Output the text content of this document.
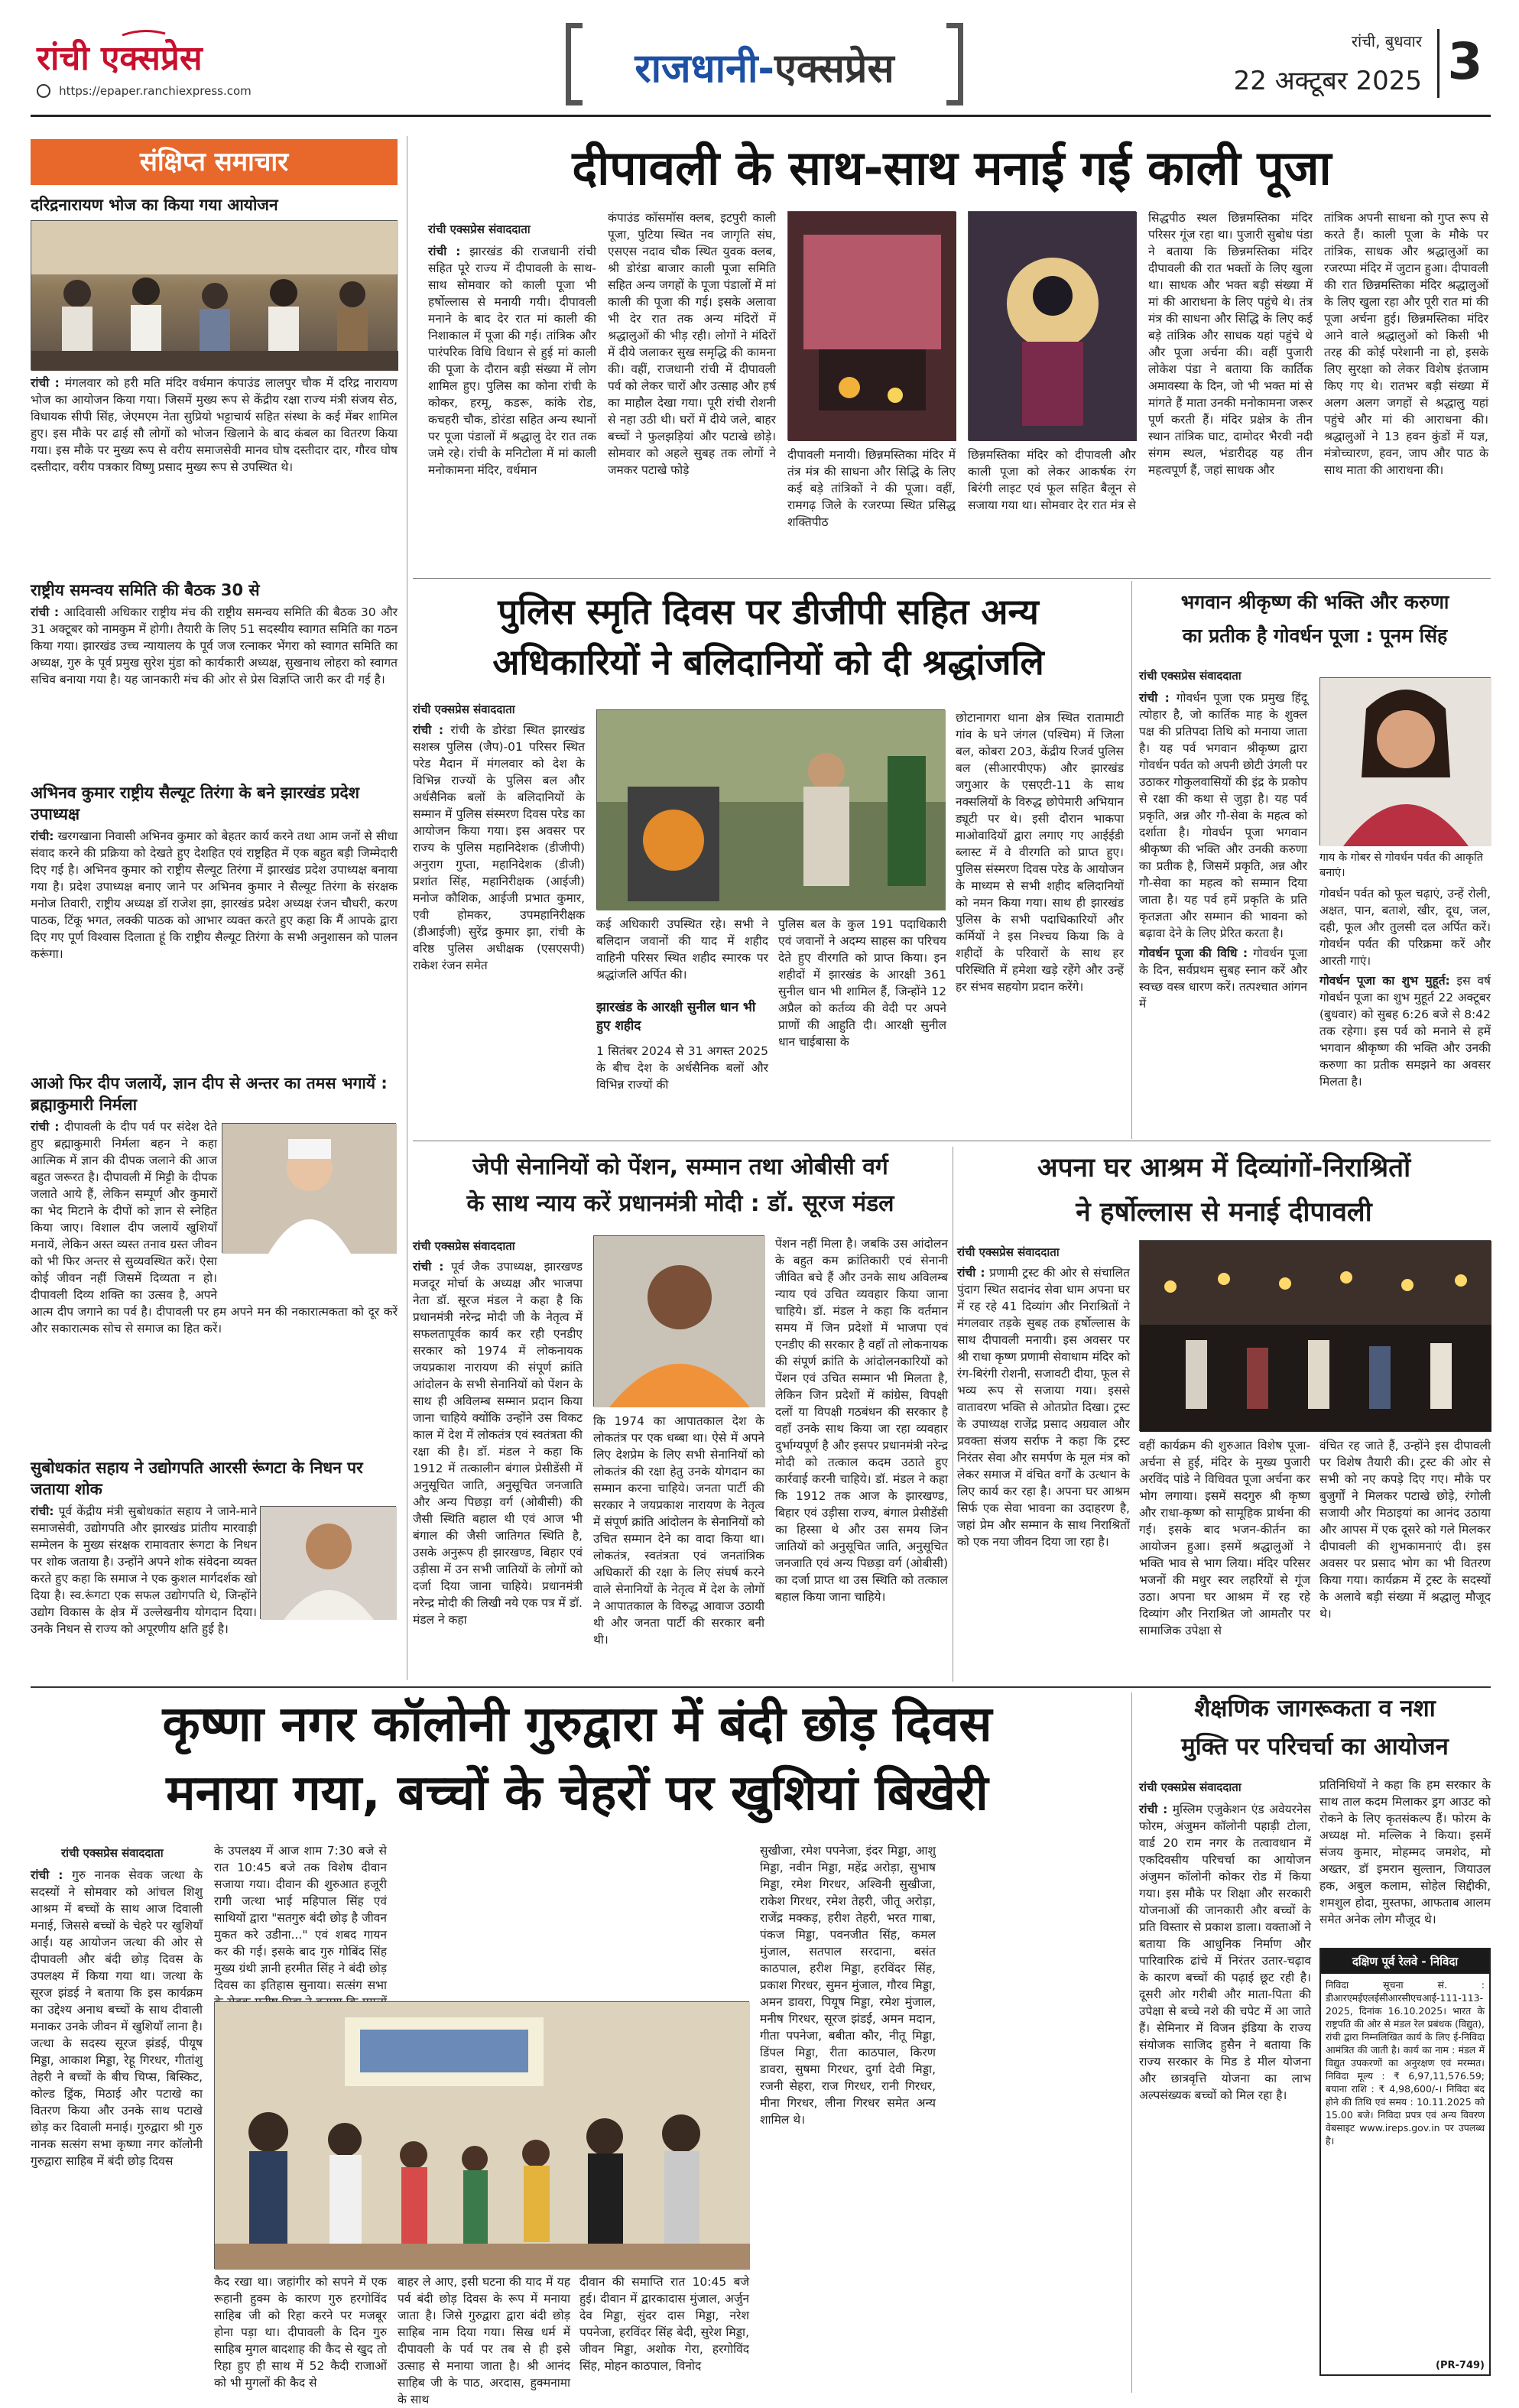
रांची एक्सप्रेस
https://epaper.ranchiexpress.com	राजधानी-एक्सप्रेस
रांची, बुधवार
22 अक्टूबर 2025 3
संक्षिप्त समाचार
दरिद्रनारायण भोज का किया गया आयोजन

रांची : मंगलवार को हरी मति मंदिर वर्धमान कंपाउंड लालपुर चौक में दरिद्र नारायण भोज का आयोजन किया गया। जिसमें मुख्य रूप से केंद्रीय रक्षा राज्य मंत्री संजय सेठ, विधायक सीपी सिंह, जेएमएम नेता सुप्रियो भट्टाचार्य सहित संस्था के कई मेंबर शामिल हुए। इस मौके पर ढाई सौ लोगों को भोजन खिलाने के बाद कंबल का वितरण किया गया। इस मौके पर मुख्य रूप से वरीय समाजसेवी मानव घोष दस्तीदार दार, गौरव घोष दस्तीदार, वरीय पत्रकार विष्णु प्रसाद मुख्य रूप से उपस्थित थे।

राष्ट्रीय समन्वय समिति की बैठक 30 से

रांची : आदिवासी अधिकार राष्ट्रीय मंच की राष्ट्रीय समन्वय समिति की बैठक 30 और 31 अक्टूबर को नामकुम में होगी। तैयारी के लिए 51 सदस्यीय स्वागत समिति का गठन किया गया। झारखंड उच्च न्यायालय के पूर्व जज रत्नाकर भेंगरा को स्वागत समिति का अध्यक्ष, गुरु के पूर्व प्रमुख सुरेश मुंडा को कार्यकारी अध्यक्ष, सुखनाथ लोहरा को स्वागत सचिव बनाया गया है। यह जानकारी मंच की ओर से प्रेस विज्ञप्ति जारी कर दी गई है।

अभिनव कुमार राष्ट्रीय सैल्यूट तिरंगा के बने झारखंड प्रदेश उपाध्यक्ष

रांची: खरगखाना निवासी अभिनव कुमार को बेहतर कार्य करने तथा आम जनों से सीधा संवाद करने की प्रक्रिया को देखते हुए देशहित एवं राष्ट्रहित में एक बहुत बड़ी जिम्मेदारी दिए गई है। अभिनव कुमार को राष्ट्रीय सैल्यूट तिरंगा में झारखंड प्रदेश उपाध्यक्ष बनाया गया है। प्रदेश उपाध्यक्ष बनाए जाने पर अभिनव कुमार ने सैल्यूट तिरंगा के संरक्षक मनोज तिवारी, राष्ट्रीय अध्यक्ष डॉ राजेश झा, झारखंड प्रदेश अध्यक्ष रंजन चौधरी, करण पाठक, टिंकू भगत, लक्की पाठक को आभार व्यक्त करते हुए कहा कि मैं आपके द्वारा दिए गए पूर्ण विश्वास दिलाता हूं कि राष्ट्रीय सैल्यूट तिरंगा के सभी अनुशासन को पालन करूंगा।

आओ फिर दीप जलायें, ज्ञान दीप से अन्तर का तमस भगायें : ब्रह्माकुमारी निर्मला

रांची : दीपावली के दीप पर्व पर संदेश देते हुए ब्रह्माकुमारी निर्मला बहन ने कहा आत्मिक में ज्ञान की दीपक जलाने की आज बहुत जरूरत है। दीपावली में मिट्टी के दीपक जलाते आये हैं, लेकिन सम्पूर्ण और कुमारों का भेद मिटाने के दीपों को ज्ञान से स्नेहित किया जाए। विशाल दीप जलायें खुशियाँ मनायें, लेकिन अस्त व्यस्त तनाव ग्रस्त जीवन को भी फिर अन्तर से सुव्यवस्थित करें। ऐसा कोई जीवन नहीं जिसमें दिव्यता न हो। दीपावली दिव्य शक्ति का उत्सव है, अपने आत्म दीप जगाने का पर्व है। दीपावली पर हम अपने मन की नकारात्मकता को दूर करें और सकारात्मक सोच से समाज का हित करें।

सुबोधकांत सहाय ने उद्योगपति आरसी रूंगटा के निधन पर जताया शोक

रांची: पूर्व केंद्रीय मंत्री सुबोधकांत सहाय ने जाने-माने समाजसेवी, उद्योगपति और झारखंड प्रांतीय मारवाड़ी सम्मेलन के मुख्य संरक्षक रामावतार रूंगटा के निधन पर शोक जताया है। उन्होंने अपने शोक संवेदना व्यक्त करते हुए कहा कि समाज ने एक कुशल मार्गदर्शक खो दिया है। स्व.रूंगटा एक सफल उद्योगपति थे, जिन्होंने उद्योग विकास के क्षेत्र में उल्लेखनीय योगदान दिया। उनके निधन से राज्य को अपूरणीय क्षति हुई है।

दीपावली के साथ-साथ मनाई गई काली पूजा
रांची एक्सप्रेस संवाददाता

रांची : झारखंड की राजधानी रांची सहित पूरे राज्य में दीपावली के साथ-साथ सोमवार को काली पूजा भी हर्षोल्लास से मनायी गयी। दीपावली मनाने के बाद देर रात मां काली की निशाकाल में पूजा की गई। तांत्रिक और पारंपरिक विधि विधान से हुई मां काली की पूजा के दौरान बड़ी संख्या में लोग शामिल हुए। पुलिस का कोना रांची के कोकर, हरमू, कडरू, कांके रोड, कचहरी चौक, डोरंडा सहित अन्य स्थानों पर पूजा पंडालों में श्रद्धालु देर रात तक जमे रहे। रांची के मनिटोला में मां काली मनोकामना मंदिर, वर्धमान

कंपाउंड कॉसमॉस क्लब, इटपुरी काली पूजा, पुटिया स्थित नव जागृति संघ, एसएस नदाव चौक स्थित युवक क्लब, श्री डोरंडा बाजार काली पूजा समिति सहित अन्य जगहों के पूजा पंडालों में मां काली की पूजा की गई। इसके अलावा भी देर रात तक अन्य मंदिरों में श्रद्धालुओं की भीड़ रही। लोगों ने मंदिरों में दीये जलाकर सुख समृद्धि की कामना की। वहीं, राजधानी रांची में दीपावली पर्व को लेकर चारों और उत्साह और हर्ष का माहौल देखा गया। पूरी रांची रोशनी से नहा उठी थी। घरों में दीये जले, बाहर बच्चों ने फुलझड़ियां और पटाखे छोड़े। सोमवार को अहले सुबह तक लोगों ने जमकर पटाखे फोड़े

दीपावली मनायी। छिन्नमस्तिका मंदिर में तंत्र मंत्र की साधना और सिद्धि के लिए कई बड़े तांत्रिकों ने की पूजा। वहीं, रामगढ़ जिले के रजरप्पा स्थित प्रसिद्ध शक्तिपीठ

छिन्नमस्तिका मंदिर को दीपावली और काली पूजा को लेकर आकर्षक रंग बिरंगी लाइट एवं फूल सहित बैलून से सजाया गया था। सोमवार देर रात मंत्र से

सिद्धपीठ स्थल छिन्नमस्तिका मंदिर परिसर गूंज रहा था। पुजारी सुबोध पंडा ने बताया कि छिन्नमस्तिका मंदिर दीपावली की रात भक्तों के लिए खुला था। साधक और भक्त बड़ी संख्या में मां की आराधना के लिए पहुंचे थे। तंत्र मंत्र की साधना और सिद्धि के लिए कई बड़े तांत्रिक और साधक यहां पहुंचे थे और पूजा अर्चना की। वहीं पुजारी लोकेश पंडा ने बताया कि कार्तिक अमावस्या के दिन, जो भी भक्त मां से मांगते हैं माता उनकी मनोकामना जरूर पूर्ण करती हैं। मंदिर प्रक्षेत्र के तीन स्थान तांत्रिक घाट, दामोदर भैरवी नदी संगम स्थल, भंडारीदह यह तीन महत्वपूर्ण हैं, जहां साधक और

तांत्रिक अपनी साधना को गुप्त रूप से करते हैं। काली पूजा के मौके पर तांत्रिक, साधक और श्रद्धालुओं का रजरप्पा मंदिर में जुटान हुआ। दीपावली की रात छिन्नमस्तिका मंदिर श्रद्धालुओं के लिए खुला रहा और पूरी रात मां की पूजा अर्चना हुई। छिन्नमस्तिका मंदिर आने वाले श्रद्धालुओं को किसी भी तरह की कोई परेशानी ना हो, इसके लिए सुरक्षा को लेकर विशेष इंतजाम किए गए थे। रातभर बड़ी संख्या में अलग अलग जगहों से श्रद्धालु यहां पहुंचे और मां की आराधना की। श्रद्धालुओं ने 13 हवन कुंडों में यज्ञ, मंत्रोच्चारण, हवन, जाप और पाठ के साथ माता की आराधना की।

पुलिस स्मृति दिवस पर डीजीपी सहित अन्य
अधिकारियों ने बलिदानियों को दी श्रद्धांजलि
रांची एक्सप्रेस संवाददाता

रांची : रांची के डोरंडा स्थित झारखंड सशस्त्र पुलिस (जैप)-01 परिसर स्थित परेड मैदान में मंगलवार को देश के विभिन्न राज्यों के पुलिस बल और अर्धसैनिक बलों के बलिदानियों के सम्मान में पुलिस संस्मरण दिवस परेड का आयोजन किया गया। इस अवसर पर राज्य के पुलिस महानिदेशक (डीजीपी) अनुराग गुप्ता, महानिदेशक (डीजी) प्रशांत सिंह, महानिरीक्षक (आईजी) मनोज कौशिक, आईजी प्रभात कुमार, एवी होमकर, उपमहानिरीक्षक (डीआईजी) सुरेंद्र कुमार झा, रांची के वरिष्ठ पुलिस अधीक्षक (एसएसपी) राकेश रंजन समेत

कई अधिकारी उपस्थित रहे। सभी ने बलिदान जवानों की याद में शहीद वाहिनी परिसर स्थित शहीद स्मारक पर श्रद्धांजलि अर्पित की।

झारखंड के आरक्षी सुनील धान भी हुए शहीद

1 सितंबर 2024 से 31 अगस्त 2025 के बीच देश के अर्धसैनिक बलों और विभिन्न राज्यों की

पुलिस बल के कुल 191 पदाधिकारी एवं जवानों ने अदम्य साहस का परिचय देते हुए वीरगति को प्राप्त किया। इन शहीदों में झारखंड के आरक्षी 361 सुनील धान भी शामिल हैं, जिन्होंने 12 अप्रैल को कर्तव्य की वेदी पर अपने प्राणों की आहुति दी। आरक्षी सुनील धान चाईबासा के

छोटानागरा थाना क्षेत्र स्थित रातामाटी गांव के घने जंगल (पश्चिम) में जिला बल, कोबरा 203, केंद्रीय रिजर्व पुलिस बल (सीआरपीएफ) और झारखंड जगुआर के एसएटी-11 के साथ नक्सलियों के विरुद्ध छोपेमारी अभियान ड्यूटी पर थे। इसी दौरान भाकपा माओवादियों द्वारा लगाए गए आईईडी ब्लास्ट में वे वीरगति को प्राप्त हुए। पुलिस संस्मरण दिवस परेड के आयोजन के माध्यम से सभी शहीद बलिदानियों को नमन किया गया। साथ ही झारखंड पुलिस के सभी पदाधिकारियों और कर्मियों ने इस निश्चय किया कि वे शहीदों के परिवारों के साथ हर परिस्थिति में हमेशा खड़े रहेंगे और उन्हें हर संभव सहयोग प्रदान करेंगे।

भगवान श्रीकृष्ण की भक्ति और करुणा
का प्रतीक है गोवर्धन पूजा : पूनम सिंह
रांची एक्सप्रेस संवाददाता

रांची : गोवर्धन पूजा एक प्रमुख हिंदू त्योहार है, जो कार्तिक माह के शुक्ल पक्ष की प्रतिपदा तिथि को मनाया जाता है। यह पर्व भगवान श्रीकृष्ण द्वारा गोवर्धन पर्वत को अपनी छोटी उंगली पर उठाकर गोकुलवासियों की इंद्र के प्रकोप से रक्षा की कथा से जुड़ा है। यह पर्व प्रकृति, अन्न और गौ-सेवा के महत्व को दर्शाता है। गोवर्धन पूजा भगवान श्रीकृष्ण की भक्ति और उनकी करुणा का प्रतीक है, जिसमें प्रकृति, अन्न और गौ-सेवा का महत्व को सम्मान दिया जाता है। यह पर्व हमें प्रकृति के प्रति कृतज्ञता और सम्मान की भावना को बढ़ावा देने के लिए प्रेरित करता है।

गोवर्धन पूजा की विधि : गोवर्धन पूजा के दिन, सर्वप्रथम सुबह स्नान करें और स्वच्छ वस्त्र धारण करें। तत्पश्चात आंगन में

गाय के गोबर से गोवर्धन पर्वत की आकृति बनाएं।

गोवर्धन पर्वत को फूल चढ़ाएं, उन्हें रोली, अक्षत, पान, बताशे, खीर, दूध, जल, दही, फूल और तुलसी दल अर्पित करें। गोवर्धन पर्वत की परिक्रमा करें और आरती गाएं।

गोवर्धन पूजा का शुभ मुहूर्त: इस वर्ष गोवर्धन पूजा का शुभ मुहूर्त 22 अक्टूबर (बुधवार) को सुबह 6:26 बजे से 8:42 तक रहेगा। इस पर्व को मनाने से हमें भगवान श्रीकृष्ण की भक्ति और उनकी करुणा का प्रतीक समझने का अवसर मिलता है।

जेपी सेनानियों को पेंशन, सम्मान तथा ओबीसी वर्ग
के साथ न्याय करें प्रधानमंत्री मोदी : डॉ. सूरज मंडल
रांची एक्सप्रेस संवाददाता

रांची : पूर्व जैक उपाध्यक्ष, झारखण्ड मजदूर मोर्चा के अध्यक्ष और भाजपा नेता डॉ. सूरज मंडल ने कहा है कि प्रधानमंत्री नरेन्द्र मोदी जी के नेतृत्व में सफलतापूर्वक कार्य कर रही एनडीए सरकार को 1974 में लोकनायक जयप्रकाश नारायण की संपूर्ण क्रांति आंदोलन के सभी सेनानियों को पेंशन के साथ ही अविलम्ब सम्मान प्रदान किया जाना चाहिये क्योंकि उन्होंने उस विकट काल में देश में लोकतंत्र एवं स्वतंत्रता की रक्षा की है। डॉ. मंडल ने कहा कि 1912 में तत्कालीन बंगाल प्रेसीडेंसी में अनुसूचित जाति, अनुसूचित जनजाति और अन्य पिछड़ा वर्ग (ओबीसी) की जैसी स्थिति बहाल थी एवं आज भी बंगाल की जैसी जातिगत स्थिति है, उसके अनुरूप ही झारखण्ड, बिहार एवं उड़ीसा में उन सभी जातियों के लोगों को दर्जा दिया जाना चाहिये। प्रधानमंत्री नरेन्द्र मोदी की लिखी नये एक पत्र में डॉ. मंडल ने कहा

कि 1974 का आपातकाल देश के लोकतंत्र पर एक धब्बा था। ऐसे में अपने लिए देशप्रेम के लिए सभी सेनानियों को लोकतंत्र की रक्षा हेतु उनके योगदान का सम्मान करना चाहिये। जनता पार्टी की सरकार ने जयप्रकाश नारायण के नेतृत्व में संपूर्ण क्रांति आंदोलन के सेनानियों को उचित सम्मान देने का वादा किया था। लोकतंत्र, स्वतंत्रता एवं जनतांत्रिक अधिकारों की रक्षा के लिए संघर्ष करने वाले सेनानियों के नेतृत्व में देश के लोगों ने आपातकाल के विरुद्ध आवाज उठायी थी और जनता पार्टी की सरकार बनी थी।

पेंशन नहीं मिला है। जबकि उस आंदोलन के बहुत कम क्रांतिकारी एवं सेनानी जीवित बचे हैं और उनके साथ अविलम्ब न्याय एवं उचित व्यवहार किया जाना चाहिये। डॉ. मंडल ने कहा कि वर्तमान समय में जिन प्रदेशों में भाजपा एवं एनडीए की सरकार है वहाँ तो लोकनायक की संपूर्ण क्रांति के आंदोलनकारियों को पेंशन एवं उचित सम्मान भी मिलता है, लेकिन जिन प्रदेशों में कांग्रेस, विपक्षी दलों या विपक्षी गठबंधन की सरकार है वहाँ उनके साथ किया जा रहा व्यवहार दुर्भाग्यपूर्ण है और इसपर प्रधानमंत्री नरेन्द्र मोदी को तत्काल कदम उठाते हुए कार्रवाई करनी चाहिये। डॉ. मंडल ने कहा कि 1912 तक आज के झारखण्ड, बिहार एवं उड़ीसा राज्य, बंगाल प्रेसीडेंसी का हिस्सा थे और उस समय जिन जातियों को अनुसूचित जाति, अनुसूचित जनजाति एवं अन्य पिछड़ा वर्ग (ओबीसी) का दर्जा प्राप्त था उस स्थिति को तत्काल बहाल किया जाना चाहिये।

अपना घर आश्रम में दिव्यांगों-निराश्रितों
ने हर्षोल्लास से मनाई दीपावली
रांची एक्सप्रेस संवाददाता

रांची : प्रणामी ट्रस्ट की ओर से संचालित पुंदाग स्थित सदानंद सेवा धाम अपना घर में रह रहे 41 दिव्यांग और निराश्रितों ने मंगलवार तड़के सुबह तक हर्षोल्लास के साथ दीपावली मनायी। इस अवसर पर श्री राधा कृष्ण प्रणामी सेवाधाम मंदिर को रंग-बिरंगी रोशनी, सजावटी दीया, फूल से भव्य रूप से सजाया गया। इससे वातावरण भक्ति से ओतप्रोत दिखा। ट्रस्ट के उपाध्यक्ष राजेंद्र प्रसाद अग्रवाल और प्रवक्ता संजय सर्राफ ने कहा कि ट्रस्ट निरंतर सेवा और समर्पण के मूल मंत्र को लेकर समाज में वंचित वर्गों के उत्थान के लिए कार्य कर रहा है। अपना घर आश्रम सिर्फ एक सेवा भावना का उदाहरण है, जहां प्रेम और सम्मान के साथ निराश्रितों को एक नया जीवन दिया जा रहा है।

वहीं कार्यक्रम की शुरुआत विशेष पूजा-अर्चना से हुई, मंदिर के मुख्य पुजारी अरविंद पांडे ने विधिवत पूजा अर्चना कर भोग लगाया। इसमें सदगुरु श्री कृष्ण और राधा-कृष्ण को सामूहिक प्रार्थना की गई। इसके बाद भजन-कीर्तन का आयोजन हुआ। इसमें श्रद्धालुओं ने भक्ति भाव से भाग लिया। मंदिर परिसर भजनों की मधुर स्वर लहरियों से गूंज उठा। अपना घर आश्रम में रह रहे दिव्यांग और निराश्रित जो आमतौर पर सामाजिक उपेक्षा से

वंचित रह जाते हैं, उन्होंने इस दीपावली पर विशेष तैयारी की। ट्रस्ट की ओर से सभी को नए कपड़े दिए गए। मौके पर बुजुर्गों ने मिलकर पटाखे छोड़े, रंगोली सजायी और मिठाइयां का आनंद उठाया और आपस में एक दूसरे को गले मिलकर दीपावली की शुभकामनाएं दी। इस अवसर पर प्रसाद भोग का भी वितरण किया गया। कार्यक्रम में ट्रस्ट के सदस्यों के अलावे बड़ी संख्या में श्रद्धालु मौजूद थे।

कृष्णा नगर कॉलोनी गुरुद्वारा में बंदी छोड़ दिवस
मनाया गया, बच्चों के चेहरों पर खुशियां बिखेरी
रांची एक्सप्रेस संवाददाता

रांची : गुरु नानक सेवक जत्था के सदस्यों ने सोमवार को आंचल शिशु आश्रम में बच्चों के साथ आज दिवाली मनाई, जिससे बच्चों के चेहरे पर खुशियाँ आईं। यह आयोजन जत्था की ओर से दीपावली और बंदी छोड़ दिवस के उपलक्ष्य में किया गया था। जत्था के सूरज झंडई ने बताया कि इस कार्यक्रम का उद्देश्य अनाथ बच्चों के साथ दीवाली मनाकर उनके जीवन में खुशियाँ लाना है। जत्था के सदस्य सूरज झंडई, पीयूष मिड्डा, आकाश मिड्डा, रेहू गिरधर, गीतांशु तेहरी ने बच्चों के बीच चिप्स, बिस्किट, कोल्ड ड्रिंक, मिठाई और पटाखे का वितरण किया और उनके साथ पटाखे छोड़ कर दिवाली मनाई। गुरुद्वारा श्री गुरु नानक सत्संग सभा कृष्णा नगर कॉलोनी गुरुद्वारा साहिब में बंदी छोड़ दिवस

के उपलक्ष्य में आज शाम 7:30 बजे से रात 10:45 बजे तक विशेष दीवान सजाया गया। दीवान की शुरुआत हजूरी रागी जत्था भाई महिपाल सिंह एवं साथियों द्वारा "सतगुरु बंदी छोड़ है जीवन मुकत करे उडीना..." एवं शबद गायन कर की गई। इसके बाद गुरु गोबिंद सिंह मुख्य ग्रंथी ज्ञानी हरमीत सिंह ने बंदी छोड़ दिवस का इतिहास सुनाया। सत्संग सभा

कैद रखा था। जहांगीर को सपने में एक रूहानी हुक्म के कारण गुरु हरगोविंद साहिब जी को रिहा करने पर मजबूर होना पड़ा था। दीपावली के दिन गुरु साहिब मुगल बादशाह की कैद से खुद तो रिहा हुए ही साथ में 52 कैदी राजाओं को भी मुगलों की कैद से

बाहर ले आए, इसी घटना की याद में यह पर्व बंदी छोड़ दिवस के रूप में मनाया जाता है। जिसे गुरुद्वारा द्वारा बंदी छोड़ साहिब नाम दिया गया। सिख धर्म में दीपावली के पर्व पर तब से ही इसे उत्साह से मनाया जाता है। श्री आनंद साहिब जी के पाठ, अरदास, हुक्मनामा के साथ

दीवान की समाप्ति रात 10:45 बजे हुई। दीवान में द्वारकादास मुंजाल, अर्जुन देव मिड्डा, सुंदर दास मिड्डा, नरेश पपनेजा, हरविंदर सिंह बेदी, सुरेश मिड्डा, जीवन मिड्डा, अशोक गेरा, हरगोविंद सिंह, मोहन काठपाल, विनोद

सुखीजा, रमेश पपनेजा, इंदर मिड्डा, आशु मिड्डा, नवीन मिड्डा, महेंद्र अरोड़ा, सुभाष मिड्डा, रमेश गिरधर, अश्विनी सुखीजा, राकेश गिरधर, रमेश तेहरी, जीतू अरोड़ा, राजेंद्र मक्कड़, हरीश तेहरी, भरत गाबा, पंकज मिड्डा, पवनजीत सिंह, कमल मुंजाल, सतपाल सरदाना, बसंत काठपाल, हरीश मिड्डा, हरविंदर सिंह, प्रकाश गिरधर, सुमन मुंजाल, गौरव मिड्डा, अमन डावरा, पियूष मिड्डा, रमेश मुंजाल, मनीष गिरधर, सूरज झंडई, अमन मदान, गीता पपनेजा, बबीता कौर, नीतू मिड्डा, डिंपल मिड्डा, रीता काठपाल, किरण डावरा, सुषमा गिरधर, दुर्गा देवी मिड्डा, रजनी सेहरा, राज गिरधर, रानी गिरधर, मीना गिरधर, लीना गिरधर समेत अन्य शामिल थे।

शैक्षणिक जागरूकता व नशा
मुक्ति पर परिचर्चा का आयोजन
रांची एक्सप्रेस संवाददाता

रांची : मुस्लिम एजुकेशन एंड अवेयरनेस फोरम, अंजुमन कॉलोनी पहाड़ी टोला, वार्ड 20 राम नगर के तत्वावधान में एकदिवसीय परिचर्चा का आयोजन अंजुमन कॉलोनी कोकर रोड में किया गया। इस मौके पर शिक्षा और सरकारी योजनाओं की जानकारी और बच्चों के प्रति विस्तार से प्रकाश डाला। वक्ताओं ने बताया कि आधुनिक निर्माण और पारिवारिक ढांचे में निरंतर उतार-चढ़ाव के कारण बच्चों की पढ़ाई छूट रही है। दूसरी ओर गरीबी और माता-पिता की उपेक्षा से बच्चे नशे की चपेट में आ जाते हैं। सेमिनार में विजन इंडिया के राज्य संयोजक साजिद हुसैन ने बताया कि राज्य सरकार के मिड डे मील योजना और छात्रवृत्ति योजना का लाभ अल्पसंख्यक बच्चों को मिल रहा है।

प्रतिनिधियों ने कहा कि हम सरकार के साथ ताल कदम मिलाकर ड्रग आउट को रोकने के लिए कृतसंकल्प हैं। फोरम के अध्यक्ष मो. मल्लिक ने किया। इसमें संजय कुमार, मोहम्मद जमशेद, मो अख्तर, डॉ इमरान सुल्तान, जियाउल हक, अबुल कलाम, सोहेल सिद्दीकी, शमशुल होदा, मुस्तफा, आफताब आलम समेत अनेक लोग मौजूद थे।

दक्षिण पूर्व रेलवे - निविदा
निविदा सूचना सं. : डीआरएमईएलईसीआरसीएचआई-111-113-2025, दिनांक 16.10.2025। भारत के राष्ट्रपति की ओर से मंडल रेल प्रबंधक (विद्युत), रांची द्वारा निम्नलिखित कार्य के लिए ई-निविदा आमंत्रित की जाती है। कार्य का नाम : मंडल में विद्युत उपकरणों का अनुरक्षण एवं मरम्मत। निविदा मूल्य : ₹ 6,97,11,576.59; बयाना राशि : ₹ 4,98,600/-। निविदा बंद होने की तिथि एवं समय : 10.11.2025 को 15.00 बजे। निविदा प्रपत्र एवं अन्य विवरण वेबसाइट www.ireps.gov.in पर उपलब्ध है।
(PR-749)
